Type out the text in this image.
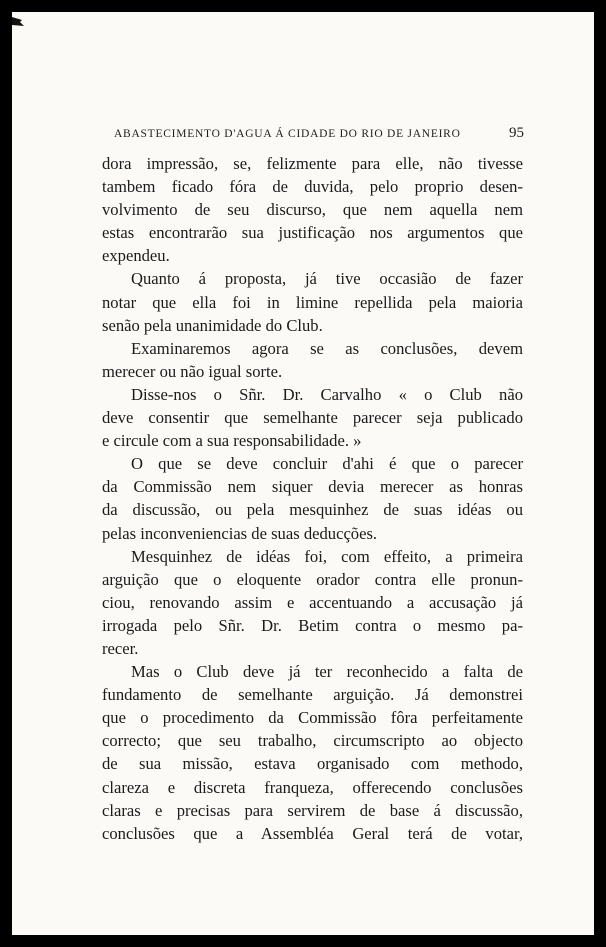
ABASTECIMENTO D'AGUA Á CIDADE DO RIO DE JANEIRO	95
dora impressão, se, felizmente para elle, não tivesse
tambem ficado fóra de duvida, pelo proprio desen-
volvimento de seu discurso, que nem aquella nem
estas encontrarão sua justificação nos argumentos que
expendeu.
Quanto á proposta, já tive occasião de fazer
notar que ella foi in limine repellida pela maioria
senão pela unanimidade do Club.
Examinaremos agora se as conclusões, devem
merecer ou não igual sorte.
Disse-nos o Sñr. Dr. Carvalho « o Club não
deve consentir que semelhante parecer seja publicado
e circule com a sua responsabilidade. »
O que se deve concluir d'ahi é que o parecer
da Commissão nem siquer devia merecer as honras
da discussão, ou pela mesquinhez de suas idéas ou
pelas inconveniencias de suas deducções.
Mesquinhez de idéas foi, com effeito, a primeira
arguição que o eloquente orador contra elle pronun-
ciou, renovando assim e accentuando a accusação já
irrogada pelo Sñr. Dr. Betim contra o mesmo pa-
recer.
Mas o Club deve já ter reconhecido a falta de
fundamento de semelhante arguição. Já demonstrei
que o procedimento da Commissão fôra perfeitamente
correcto; que seu trabalho, circumscripto ao objecto
de sua missão, estava organisado com methodo,
clareza e discreta franqueza, offerecendo conclusões
claras e precisas para servirem de base á discussão,
conclusões que a Assembléa Geral terá de votar,
